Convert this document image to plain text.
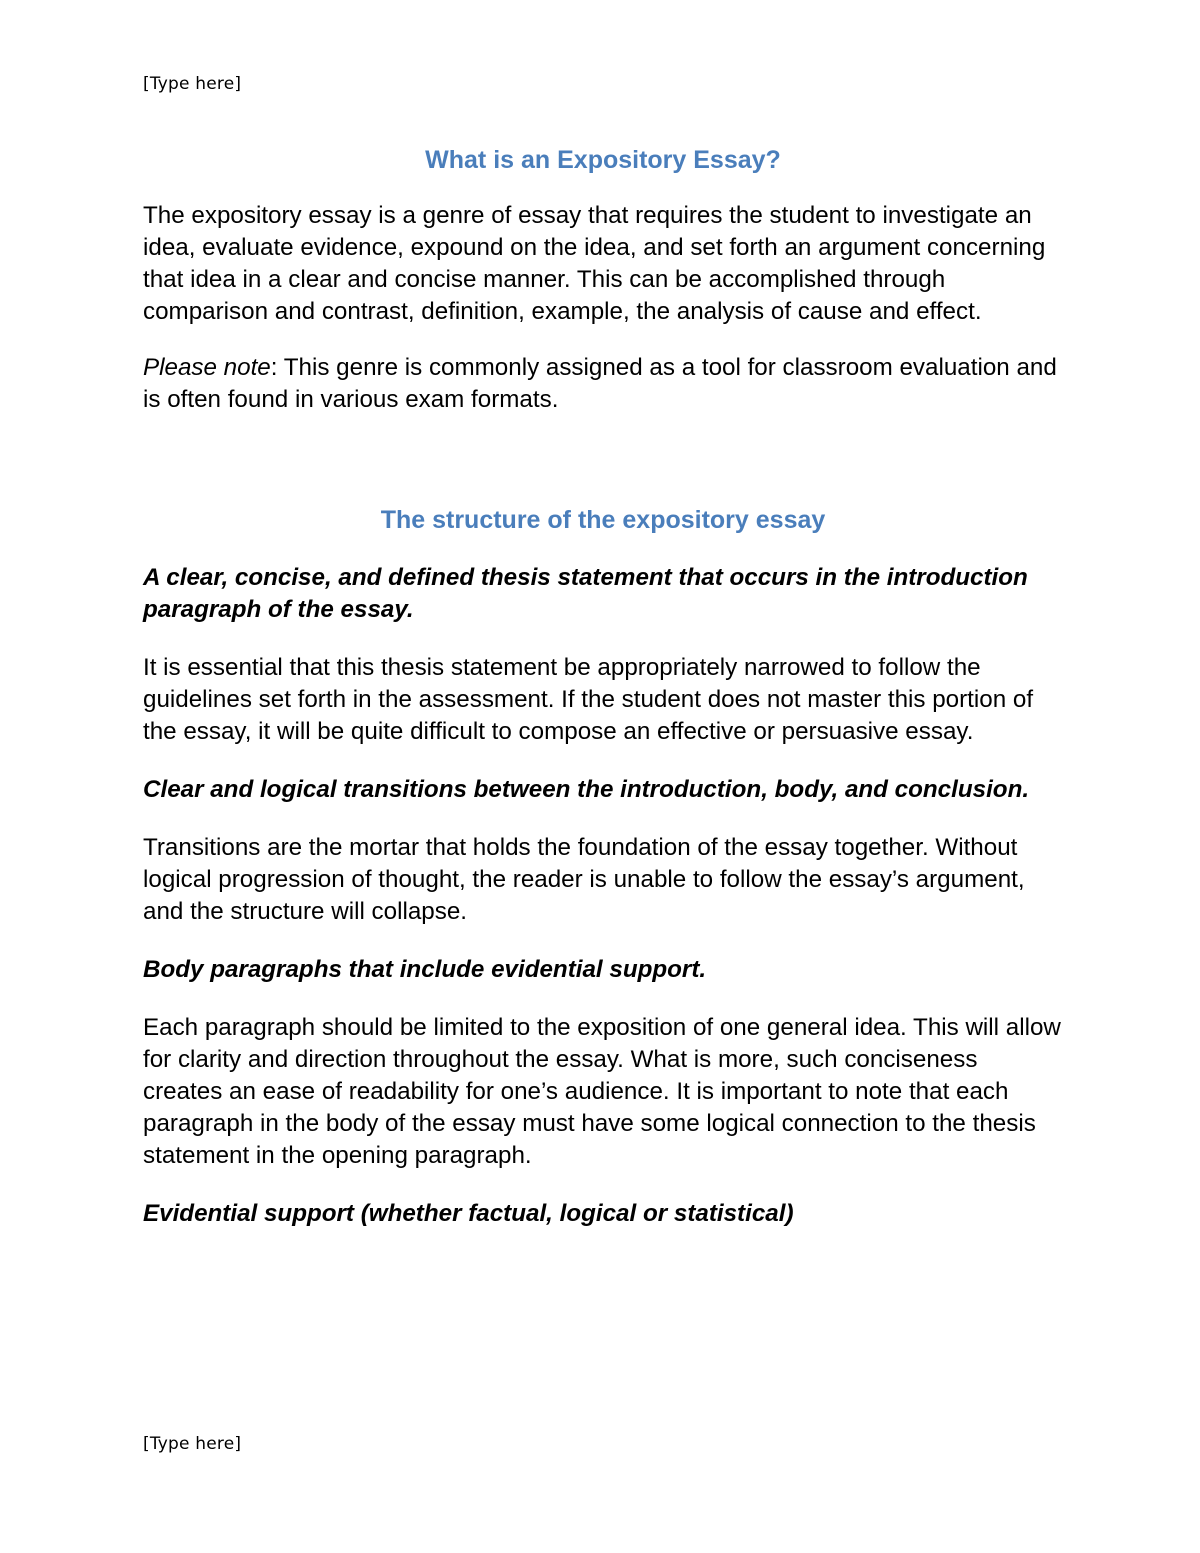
[Type here]
What is an Expository Essay?

The expository essay is a genre of essay that requires the student to investigate an idea, evaluate evidence, expound on the idea, and set forth an argument concerning that idea in a clear and concise manner. This can be accomplished through comparison and contrast, definition, example, the analysis of cause and effect.

Please note: This genre is commonly assigned as a tool for classroom evaluation and is often found in various exam formats.

The structure of the expository essay

A clear, concise, and defined thesis statement that occurs in the introduction paragraph of the essay.

It is essential that this thesis statement be appropriately narrowed to follow the guidelines set forth in the assessment. If the student does not master this portion of the essay, it will be quite difficult to compose an effective or persuasive essay.

Clear and logical transitions between the introduction, body, and conclusion.

Transitions are the mortar that holds the foundation of the essay together. Without logical progression of thought, the reader is unable to follow the essay’s argument, and the structure will collapse.

Body paragraphs that include evidential support.

Each paragraph should be limited to the exposition of one general idea. This will allow for clarity and direction throughout the essay. What is more, such conciseness creates an ease of readability for one’s audience. It is important to note that each paragraph in the body of the essay must have some logical connection to the thesis statement in the opening paragraph.

Evidential support (whether factual, logical or statistical)

[Type here]
